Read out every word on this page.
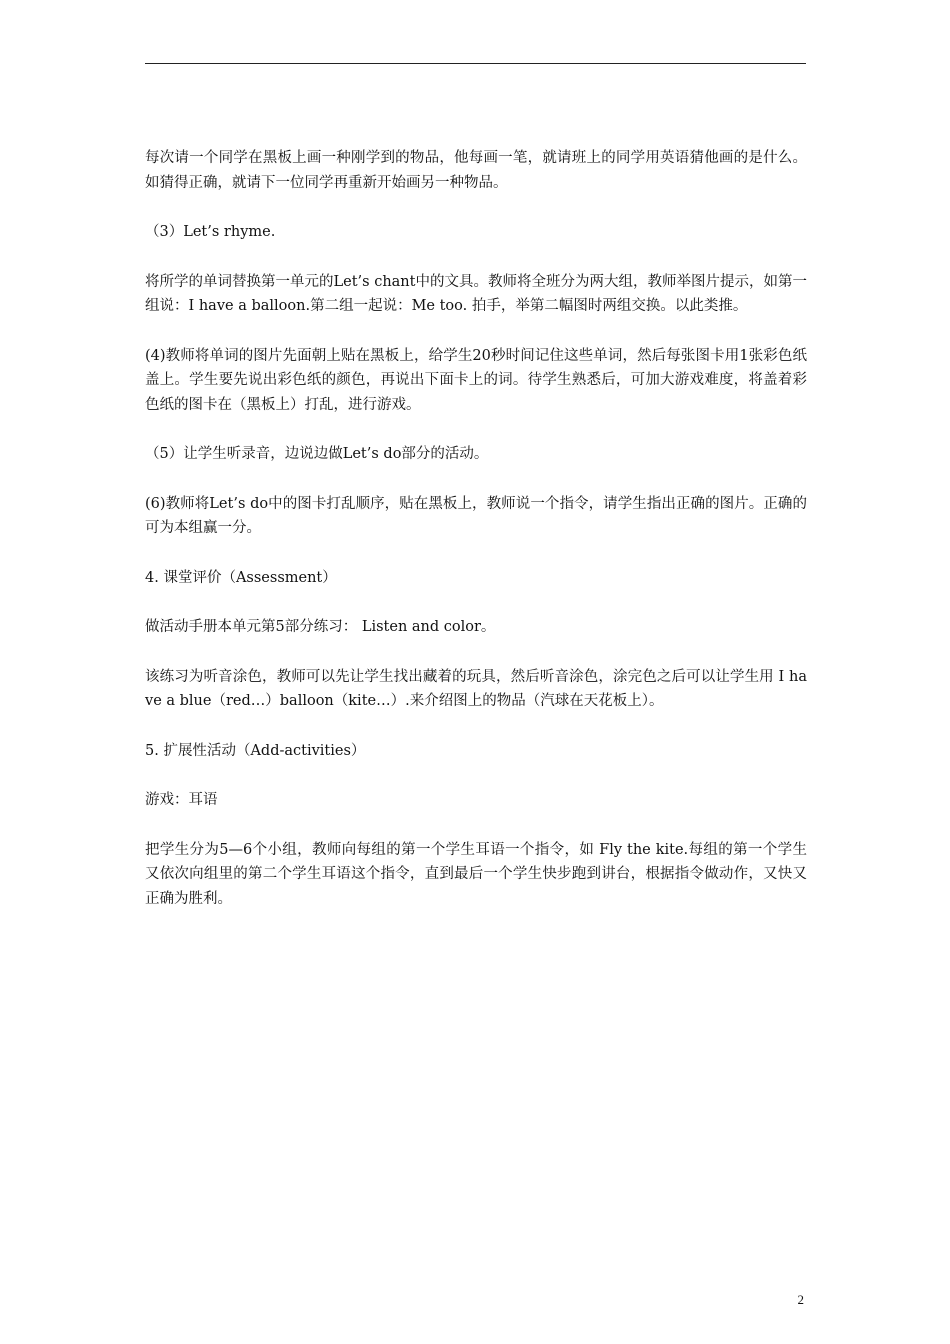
每次请一个同学在黑板上画一种刚学到的物品，他每画一笔，就请班上的同学用英语猜他画的是什么。如猜得正确，就请下一位同学再重新开始画另一种物品。

（3）Let’s rhyme.

将所学的单词替换第一单元的Let’s chant中的文具。教师将全班分为两大组，教师举图片提示，如第一组说：I have a balloon.第二组一起说：Me too. 拍手，举第二幅图时两组交换。以此类推。

(4)教师将单词的图片先面朝上贴在黑板上，给学生20秒时间记住这些单词，然后每张图卡用1张彩色纸盖上。学生要先说出彩色纸的颜色，再说出下面卡上的词。待学生熟悉后，可加大游戏难度，将盖着彩色纸的图卡在（黑板上）打乱，进行游戏。

（5）让学生听录音，边说边做Let’s do部分的活动。

(6)教师将Let’s do中的图卡打乱顺序，贴在黑板上，教师说一个指令，请学生指出正确的图片。正确的可为本组赢一分。

4. 课堂评价（Assessment）

做活动手册本单元第5部分练习： Listen and color。

该练习为听音涂色，教师可以先让学生找出藏着的玩具，然后听音涂色，涂完色之后可以让学生用 I have a blue（red…）balloon（kite…）.来介绍图上的物品（汽球在天花板上）。

5. 扩展性活动（Add-activities）

游戏：耳语

把学生分为5—6个小组，教师向每组的第一个学生耳语一个指令，如 Fly the kite.每组的第一个学生又依次向组里的第二个学生耳语这个指令，直到最后一个学生快步跑到讲台，根据指令做动作，又快又正确为胜利。

2
